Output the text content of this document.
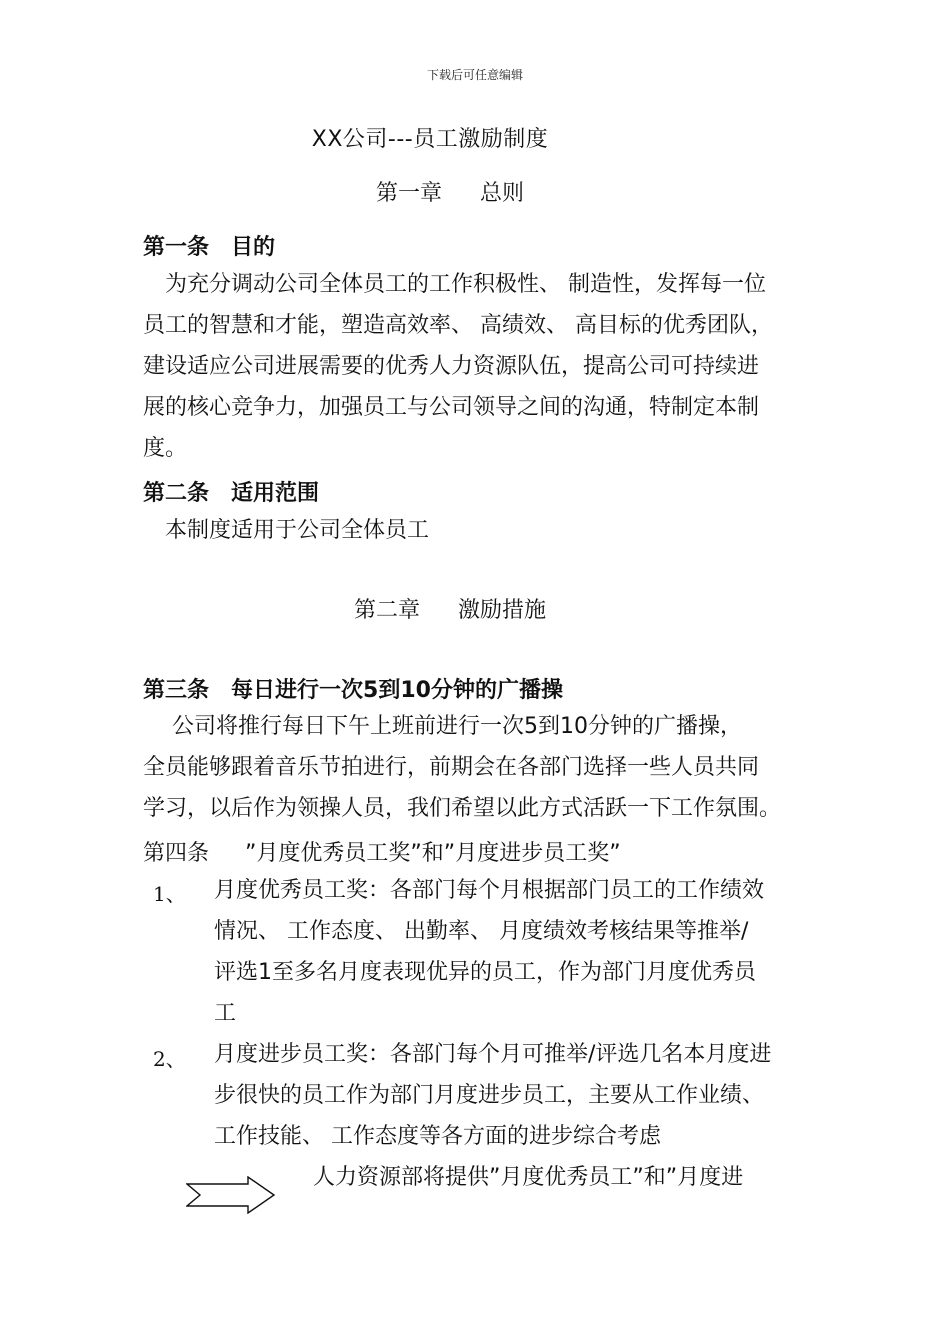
下载后可任意编辑
XX公司---员工激励制度
第一章 总则
第一条 目的
　为充分调动公司全体员工的工作积极性、 制造性，发挥每一位
员工的智慧和才能，塑造高效率、 高绩效、 高目标的优秀团队，
建设适应公司进展需要的优秀人力资源队伍，提高公司可持续进
展的核心竞争力，加强员工与公司领导之间的沟通，特制定本制
度。
第二条 适用范围
　本制度适用于公司全体员工
第二章 激励措施
第三条 每日进行一次5到10分钟的广播操
　 公司将推行每日下午上班前进行一次5到10分钟的广播操，
全员能够跟着音乐节拍进行，前期会在各部门选择一些人员共同
学习，以后作为领操人员，我们希望以此方式活跃一下工作氛围。
第四条 ”月度优秀员工奖”和”月度进步员工奖”
1、 月度优秀员工奖：各部门每个月根据部门员工的工作绩效
情况、 工作态度、 出勤率、 月度绩效考核结果等推举/
评选1至多名月度表现优异的员工，作为部门月度优秀员
工
2、 月度进步员工奖：各部门每个月可推举/评选几名本月度进
步很快的员工作为部门月度进步员工，主要从工作业绩、
工作技能、 工作态度等各方面的进步综合考虑
人力资源部将提供”月度优秀员工”和”月度进
